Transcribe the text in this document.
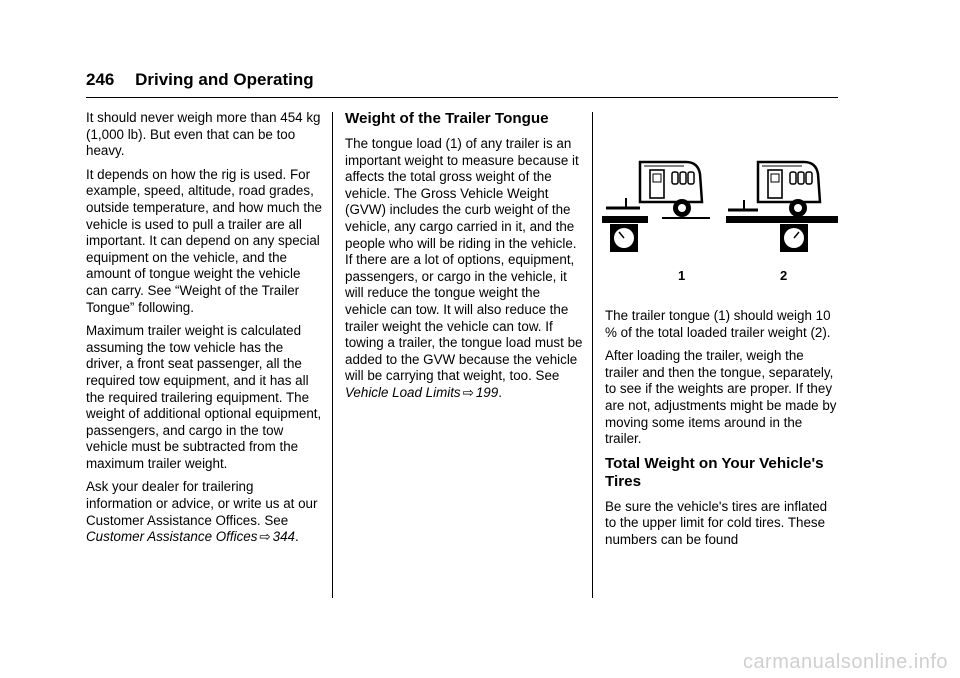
246 Driving and Operating

It should never weigh more than 454 kg (1,000 lb). But even that can be too heavy.

It depends on how the rig is used. For example, speed, altitude, road grades, outside temperature, and how much the vehicle is used to pull a trailer are all important. It can depend on any special equipment on the vehicle, and the amount of tongue weight the vehicle can carry. See “Weight of the Trailer Tongue” following.

Maximum trailer weight is calculated assuming the tow vehicle has the driver, a front seat passenger, all the required tow equipment, and it has all the required trailering equipment. The weight of additional optional equipment, passengers, and cargo in the tow vehicle must be subtracted from the maximum trailer weight.

Ask your dealer for trailering information or advice, or write us at our Customer Assistance Offices. See Customer Assistance Offices ⇨ 344.

Weight of the Trailer Tongue

The tongue load (1) of any trailer is an important weight to measure because it affects the total gross weight of the vehicle. The Gross Vehicle Weight (GVW) includes the curb weight of the vehicle, any cargo carried in it, and the people who will be riding in the vehicle. If there are a lot of options, equipment, passengers, or cargo in the vehicle, it will reduce the tongue weight the vehicle can tow. It will also reduce the trailer weight the vehicle can tow. If towing a trailer, the tongue load must be added to the GVW because the vehicle will be carrying that weight, too. See Vehicle Load Limits ⇨ 199.

1	2

The trailer tongue (1) should weigh 10 % of the total loaded trailer weight (2).

After loading the trailer, weigh the trailer and then the tongue, separately, to see if the weights are proper. If they are not, adjustments might be made by moving some items around in the trailer.

Total Weight on Your Vehicle's Tires

Be sure the vehicle's tires are inflated to the upper limit for cold tires. These numbers can be found

carmanualsonline.info
